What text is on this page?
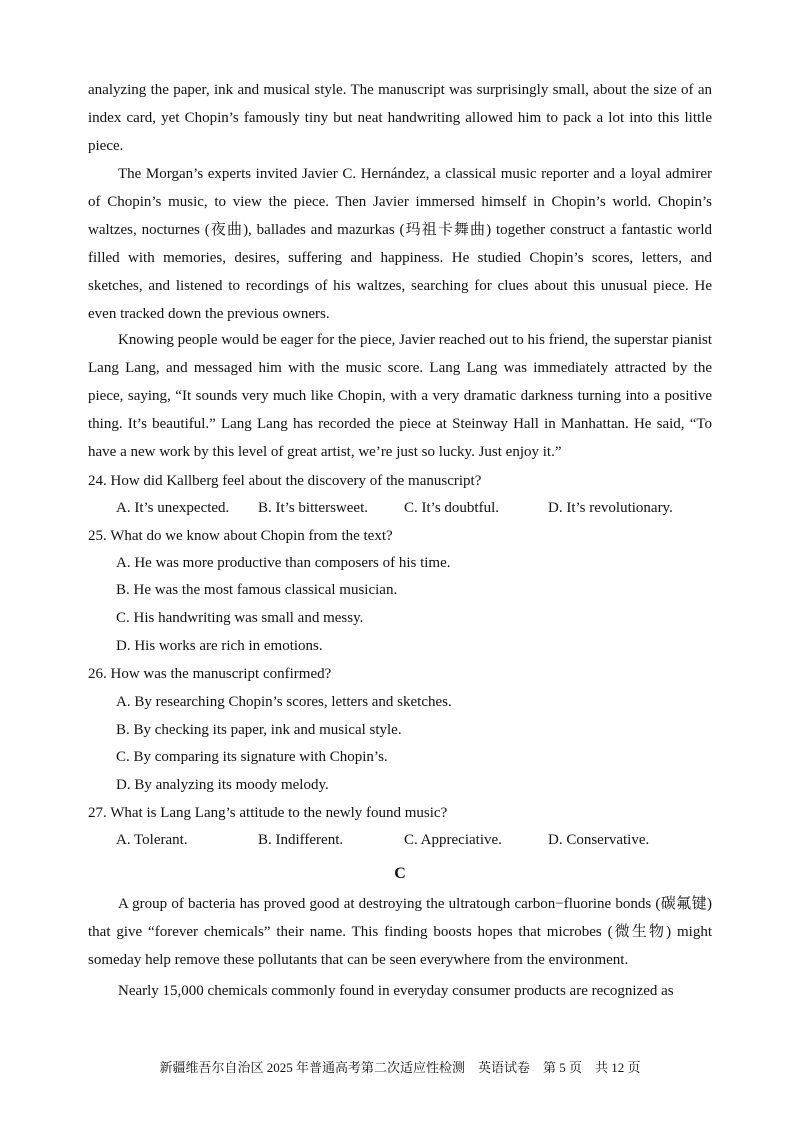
analyzing the paper, ink and musical style. The manuscript was surprisingly small, about the size of an index card, yet Chopin’s famously tiny but neat handwriting allowed him to pack a lot into this little piece.

The Morgan’s experts invited Javier C. Hernández, a classical music reporter and a loyal admirer of Chopin’s music, to view the piece. Then Javier immersed himself in Chopin’s world. Chopin’s waltzes, nocturnes (夜曲), ballades and mazurkas (玛祖卡舞曲) together construct a fantastic world filled with memories, desires, suffering and happiness. He studied Chopin’s scores, letters, and sketches, and listened to recordings of his waltzes, searching for clues about this unusual piece. He even tracked down the previous owners.

Knowing people would be eager for the piece, Javier reached out to his friend, the superstar pianist Lang Lang, and messaged him with the music score. Lang Lang was immediately attracted by the piece, saying, “It sounds very much like Chopin, with a very dramatic darkness turning into a positive thing. It’s beautiful.” Lang Lang has recorded the piece at Steinway Hall in Manhattan. He said, “To have a new work by this level of great artist, we’re just so lucky. Just enjoy it.”

24. How did Kallberg feel about the discovery of the manuscript?

A. It’s unexpected. B. It’s bittersweet. C. It’s doubtful.	D. It’s revolutionary.

25. What do we know about Chopin from the text?

A. He was more productive than composers of his time.

B. He was the most famous classical musician.

C. His handwriting was small and messy.

D. His works are rich in emotions.

26. How was the manuscript confirmed?

A. By researching Chopin’s scores, letters and sketches.

B. By checking its paper, ink and musical style.

C. By comparing its signature with Chopin’s.

D. By analyzing its moody melody.

27. What is Lang Lang’s attitude to the newly found music?

A. Tolerant.	B. Indifferent.	C. Appreciative.	D. Conservative.
C

A group of bacteria has proved good at destroying the ultratough carbon−fluorine bonds (碳氟键) that give “forever chemicals” their name. This finding boosts hopes that microbes (微生物) might someday help remove these pollutants that can be seen everywhere from the environment.

Nearly 15,000 chemicals commonly found in everyday consumer products are recognized as

新疆维吾尔自治区 2025 年普通高考第二次适应性检测　英语试卷　第 5 页　共 12 页
